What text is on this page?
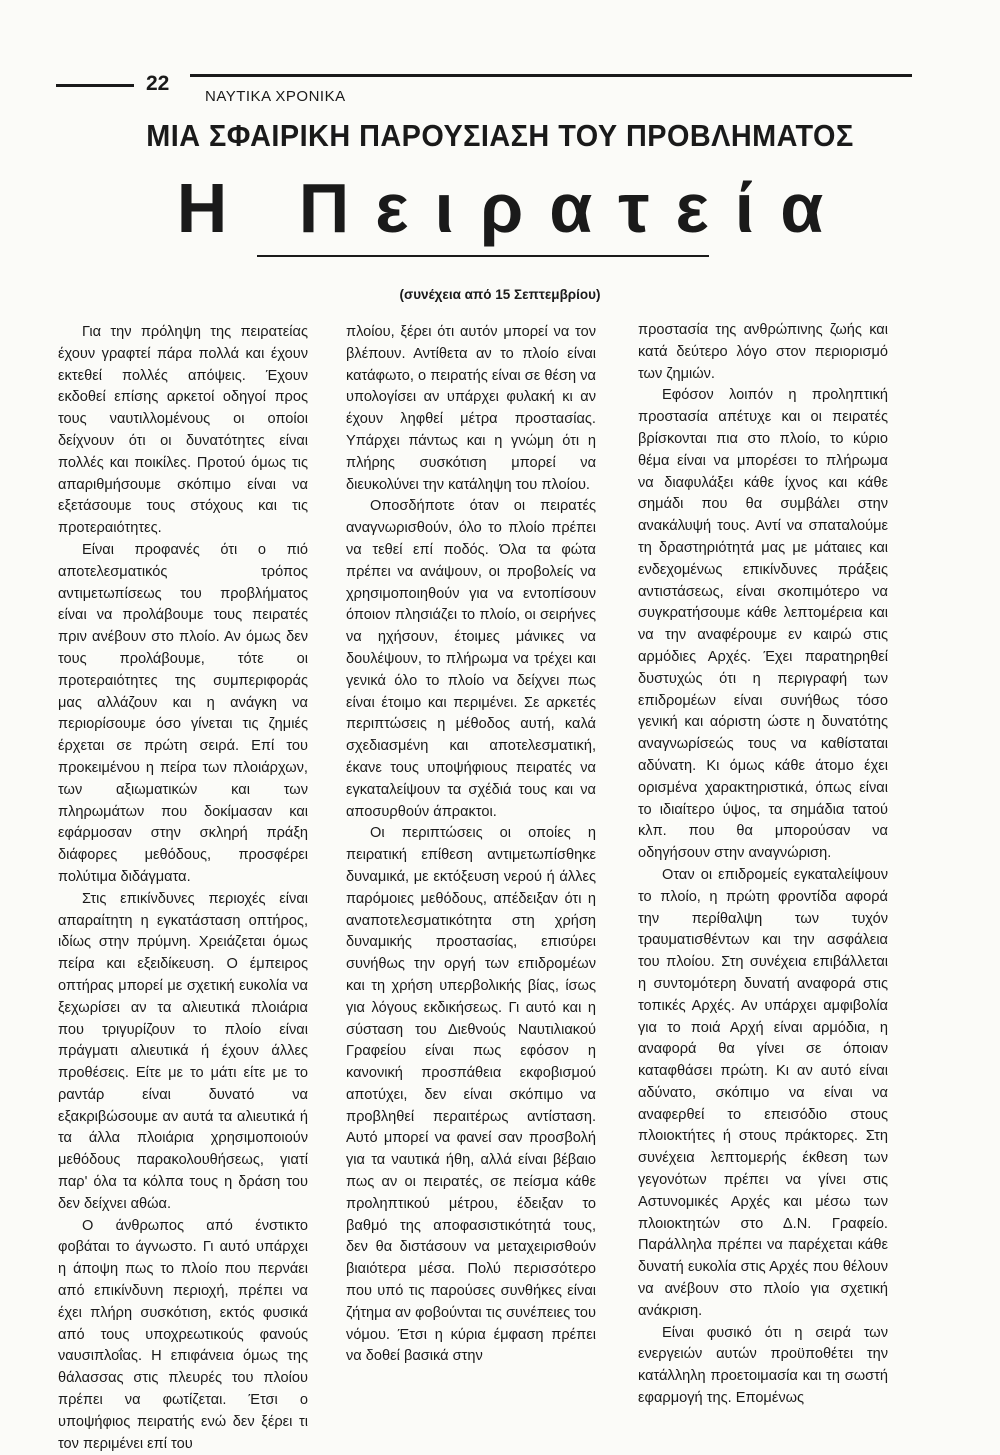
22
ΝΑΥΤΙΚΑ ΧΡΟΝΙΚΑ
ΜΙΑ ΣΦΑΙΡΙΚΗ ΠΑΡΟΥΣΙΑΣΗ ΤΟΥ ΠΡΟΒΛΗΜΑΤΟΣ
Η Πειρατεία
(συνέχεια από 15 Σεπτεμβρίου)

Για την πρόληψη της πειρατείας έχουν γραφτεί πάρα πολλά και έχουν εκτεθεί πολλές απόψεις. Έχουν εκδοθεί επίσης αρκετοί οδηγοί προς τους ναυτιλλομένους οι οποίοι δείχνουν ότι οι δυνατότητες είναι πολλές και ποικίλες. Προτού όμως τις απαριθμήσουμε σκόπιμο είναι να εξετάσουμε τους στόχους και τις προτεραιότητες.

Είναι προφανές ότι ο πιό αποτελεσματικός τρόπος αντιμετωπίσεως του προβλήματος είναι να προλάβουμε τους πειρατές πριν ανέβουν στο πλοίο. Αν όμως δεν τους προλάβουμε, τότε οι προτεραιότητες της συμπεριφοράς μας αλλάζουν και η ανάγκη να περιορίσουμε όσο γίνεται τις ζημιές έρχεται σε πρώτη σειρά. Επί του προκειμένου η πείρα των πλοιάρχων, των αξιωματικών και των πληρωμάτων που δοκίμασαν και εφάρμοσαν στην σκληρή πράξη διάφορες μεθόδους, προσφέρει πολύτιμα διδάγματα.

Στις επικίνδυνες περιοχές είναι απαραίτητη η εγκατάσταση οπτήρος, ιδίως στην πρύμνη. Χρειάζεται όμως πείρα και εξειδίκευση. Ο έμπειρος οπτήρας μπορεί με σχετική ευκολία να ξεχωρίσει αν τα αλιευτικά πλοιάρια που τριγυρίζουν το πλοίο είναι πράγματι αλιευτικά ή έχουν άλλες προθέσεις. Είτε με το μάτι είτε με το ραντάρ είναι δυνατό να εξακριβώσουμε αν αυτά τα αλιευτικά ή τα άλλα πλοιάρια χρησιμοποιούν μεθόδους παρακολουθήσεως, γιατί παρ' όλα τα κόλπα τους η δράση του δεν δείχνει αθώα.

Ο άνθρωπος από ένστικτο φοβάται το άγνωστο. Γι αυτό υπάρχει η άποψη πως το πλοίο που περνάει από επικίνδυνη περιοχή, πρέπει να έχει πλήρη συσκότιση, εκτός φυσικά από τους υποχρεωτικούς φανούς ναυσιπλοΐας. Η επιφάνεια όμως της θάλασσας στις πλευρές του πλοίου πρέπει να φωτίζεται. Έτσι ο υποψήφιος πειρατής ενώ δεν ξέρει τι τον περιμένει επί του

πλοίου, ξέρει ότι αυτόν μπορεί να τον βλέπουν. Αντίθετα αν το πλοίο είναι κατάφωτο, ο πειρατής είναι σε θέση να υπολογίσει αν υπάρχει φυλακή κι αν έχουν ληφθεί μέτρα προστασίας. Υπάρχει πάντως και η γνώμη ότι η πλήρης συσκότιση μπορεί να διευκολύνει την κατάληψη του πλοίου.

Οποσδήποτε όταν οι πειρατές αναγνωρισθούν, όλο το πλοίο πρέπει να τεθεί επί ποδός. Όλα τα φώτα πρέπει να ανάψουν, οι προβολείς να χρησιμοποιηθούν για να εντοπίσουν όποιον πλησιάζει το πλοίο, οι σειρήνες να ηχήσουν, έτοιμες μάνικες να δουλέψουν, το πλήρωμα να τρέχει και γενικά όλο το πλοίο να δείχνει πως είναι έτοιμο και περιμένει. Σε αρκετές περιπτώσεις η μέθοδος αυτή, καλά σχεδιασμένη και αποτελεσματική, έκανε τους υποψήφιους πειρατές να εγκαταλείψουν τα σχέδιά τους και να αποσυρθούν άπρακτοι.

Οι περιπτώσεις οι οποίες η πειρατική επίθεση αντιμετωπίσθηκε δυναμικά, με εκτόξευση νερού ή άλλες παρόμοιες μεθόδους, απέδειξαν ότι η αναποτελεσματικότητα στη χρήση δυναμικής προστασίας, επισύρει συνήθως την οργή των επιδρομέων και τη χρήση υπερβολικής βίας, ίσως για λόγους εκδικήσεως. Γι αυτό και η σύσταση του Διεθνούς Ναυτιλιακού Γραφείου είναι πως εφόσον η κανονική προσπάθεια εκφοβισμού αποτύχει, δεν είναι σκόπιμο να προβληθεί περαιτέρως αντίσταση. Αυτό μπορεί να φανεί σαν προσβολή για τα ναυτικά ήθη, αλλά είναι βέβαιο πως αν οι πειρατές, σε πείσμα κάθε προληπτικού μέτρου, έδειξαν το βαθμό της αποφασιστικότητά τους, δεν θα διστάσουν να μεταχειρισθούν βιαιότερα μέσα. Πολύ περισσότερο που υπό τις παρούσες συνθήκες είναι ζήτημα αν φοβούνται τις συνέπειες του νόμου. Έτσι η κύρια έμφαση πρέπει να δοθεί βασικά στην

προστασία της ανθρώπινης ζωής και κατά δεύτερο λόγο στον περιορισμό των ζημιών.

Εφόσον λοιπόν η προληπτική προστασία απέτυχε και οι πειρατές βρίσκονται πια στο πλοίο, το κύριο θέμα είναι να μπορέσει το πλήρωμα να διαφυλάξει κάθε ίχνος και κάθε σημάδι που θα συμβάλει στην ανακάλυψή τους. Αντί να σπαταλούμε τη δραστηριότητά μας με μάταιες και ενδεχομένως επικίνδυνες πράξεις αντιστάσεως, είναι σκοπιμότερο να συγκρατήσουμε κάθε λεπτομέρεια και να την αναφέρουμε εν καιρώ στις αρμόδιες Αρχές. Έχει παρατηρηθεί δυστυχώς ότι η περιγραφή των επιδρομέων είναι συνήθως τόσο γενική και αόριστη ώστε η δυνατότης αναγνωρίσεώς τους να καθίσταται αδύνατη. Κι όμως κάθε άτομο έχει ορισμένα χαρακτηριστικά, όπως είναι το ιδιαίτερο ύψος, τα σημάδια τατού κλπ. που θα μπορούσαν να οδηγήσουν στην αναγνώριση.

Οταν οι επιδρομείς εγκαταλείψουν το πλοίο, η πρώτη φροντίδα αφορά την περίθαλψη των τυχόν τραυματισθέντων και την ασφάλεια του πλοίου. Στη συνέχεια επιβάλλεται η συντομότερη δυνατή αναφορά στις τοπικές Αρχές. Αν υπάρχει αμφιβολία για το ποιά Αρχή είναι αρμόδια, η αναφορά θα γίνει σε όποιαν καταφθάσει πρώτη. Κι αν αυτό είναι αδύνατο, σκόπιμο να είναι να αναφερθεί το επεισόδιο στους πλοιοκτήτες ή στους πράκτορες. Στη συνέχεια λεπτομερής έκθεση των γεγονότων πρέπει να γίνει στις Αστυνομικές Αρχές και μέσω των πλοιοκτητών στο Δ.Ν. Γραφείο. Παράλληλα πρέπει να παρέχεται κάθε δυνατή ευκολία στις Αρχές που θέλουν να ανέβουν στο πλοίο για σχετική ανάκριση.

Είναι φυσικό ότι η σειρά των ενεργειών αυτών προϋποθέτει την κατάλληλη προετοιμασία και τη σωστή εφαρμογή της. Επομένως
